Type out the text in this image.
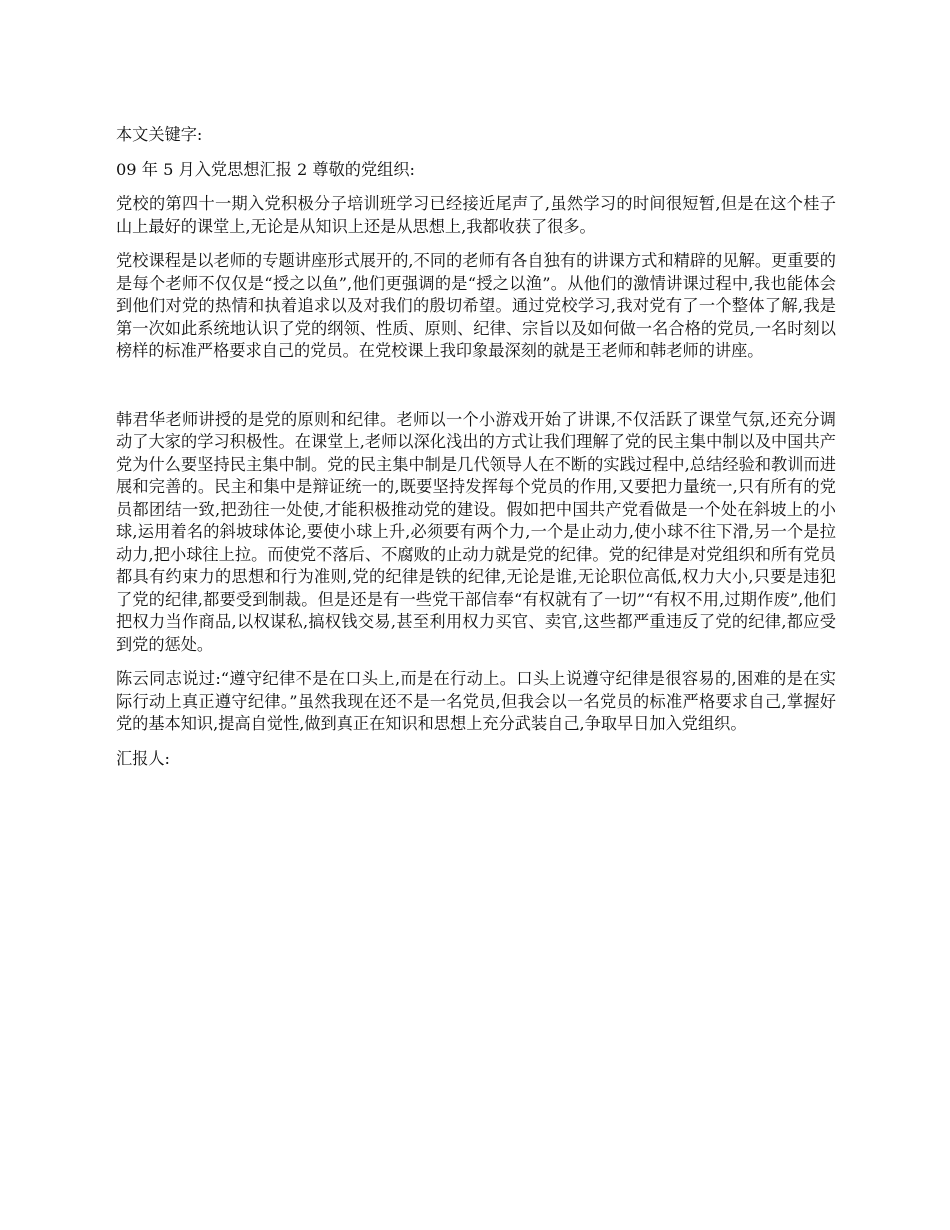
本文关键字:

09 年 5 月入党思想汇报 2 尊敬的党组织:

党校的第四十一期入党积极分子培训班学习已经接近尾声了,虽然学习的时间很短暂,但是在这个桂子山上最好的课堂上,无论是从知识上还是从思想上,我都收获了很多。

党校课程是以老师的专题讲座形式展开的,不同的老师有各自独有的讲课方式和精辟的见解。更重要的是每个老师不仅仅是“授之以鱼”,他们更强调的是“授之以渔”。从他们的激情讲课过程中,我也能体会到他们对党的热情和执着追求以及对我们的殷切希望。通过党校学习,我对党有了一个整体了解,我是第一次如此系统地认识了党的纲领、性质、原则、纪律、宗旨以及如何做一名合格的党员,一名时刻以榜样的标准严格要求自己的党员。在党校课上我印象最深刻的就是王老师和韩老师的讲座。

韩君华老师讲授的是党的原则和纪律。老师以一个小游戏开始了讲课,不仅活跃了课堂气氛,还充分调动了大家的学习积极性。在课堂上,老师以深化浅出的方式让我们理解了党的民主集中制以及中国共产党为什么要坚持民主集中制。党的民主集中制是几代领导人在不断的实践过程中,总结经验和教训而进展和完善的。民主和集中是辩证统一的,既要坚持发挥每个党员的作用,又要把力量统一,只有所有的党员都团结一致,把劲往一处使,才能积极推动党的建设。假如把中国共产党看做是一个处在斜坡上的小球,运用着名的斜坡球体论,要使小球上升,必须要有两个力,一个是止动力,使小球不往下滑,另一个是拉动力,把小球往上拉。而使党不落后、不腐败的止动力就是党的纪律。党的纪律是对党组织和所有党员都具有约束力的思想和行为准则,党的纪律是铁的纪律,无论是谁,无论职位高低,权力大小,只要是违犯了党的纪律,都要受到制裁。但是还是有一些党干部信奉“有权就有了一切”“有权不用,过期作废”,他们把权力当作商品,以权谋私,搞权钱交易,甚至利用权力买官、卖官,这些都严重违反了党的纪律,都应受到党的惩处。

陈云同志说过:“遵守纪律不是在口头上,而是在行动上。口头上说遵守纪律是很容易的,困难的是在实际行动上真正遵守纪律。”虽然我现在还不是一名党员,但我会以一名党员的标准严格要求自己,掌握好党的基本知识,提高自觉性,做到真正在知识和思想上充分武装自己,争取早日加入党组织。

汇报人:
